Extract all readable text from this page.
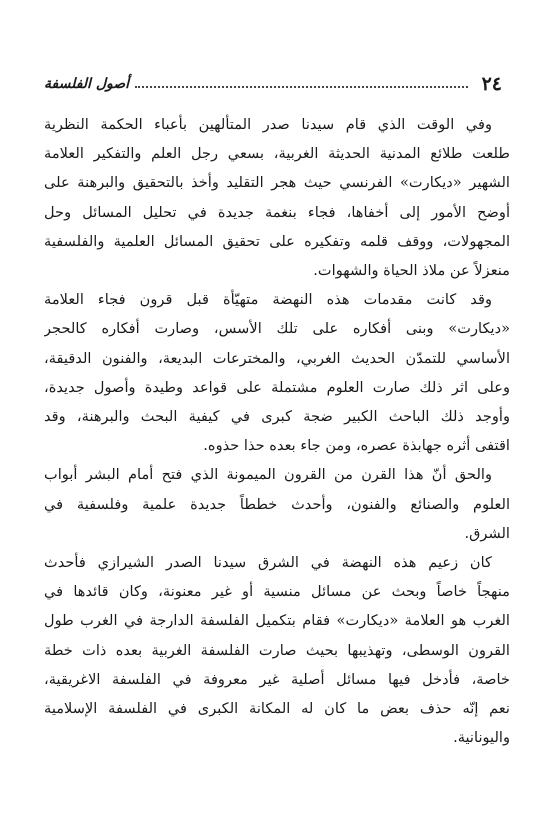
٢٤
أصول الفلسفة

وفي الوقت الذي قام سيدنا صدر المتألهين بأعباء الحكمة النظرية
طلعت طلائع المدنية الحديثة الغربية، بسعي رجل العلم والتفكير العلامة
الشهير «ديكارت» الفرنسي حيث هجر التقليد وأخذ بالتحقيق والبرهنة على
أوضح الأمور إلى أخفاها، فجاء بنغمة جديدة في تحليل المسائل وحل
المجهولات، ووقف قلمه وتفكيره على تحقيق المسائل العلمية والفلسفية
منعزلاً عن ملاذ الحياة والشهوات.

وقد كانت مقدمات هذه النهضة متهيّأة قبل قرون فجاء العلامة
«ديكارت» وبنى أفكاره على تلك الأسس، وصارت أفكاره كالحجر
الأساسي للتمدّن الحديث الغربي، والمخترعات البديعة، والفنون الدقيقة،
وعلى اثر ذلك صارت العلوم مشتملة على قواعد وطيدة وأصول جديدة،
وأوجد ذلك الباحث الكبير ضجة كبرى في كيفية البحث والبرهنة، وقد
اقتفى أثره جهابذة عصره، ومن جاء بعده حذا حذوه.

والحق أنّ هذا القرن من القرون الميمونة الذي فتح أمام البشر أبواب
العلوم والصنائع والفنون، وأحدث خططاً جديدة علمية وفلسفية في
الشرق.

كان زعيم هذه النهضة في الشرق سيدنا الصدر الشيرازي فأحدث
منهجاً خاصاً وبحث عن مسائل منسية أو غير معنونة، وكان قائدها في
الغرب هو العلامة «ديكارت» فقام بتكميل الفلسفة الدارجة في الغرب طول
القرون الوسطى، وتهذيبها بحيث صارت الفلسفة الغربية بعده ذات خطة
خاصة، فأدخل فيها مسائل أصلية غير معروفة في الفلسفة الاغريقية،
نعم إنّه حذف بعض ما كان له المكانة الكبرى في الفلسفة الإسلامية
واليونانية.
